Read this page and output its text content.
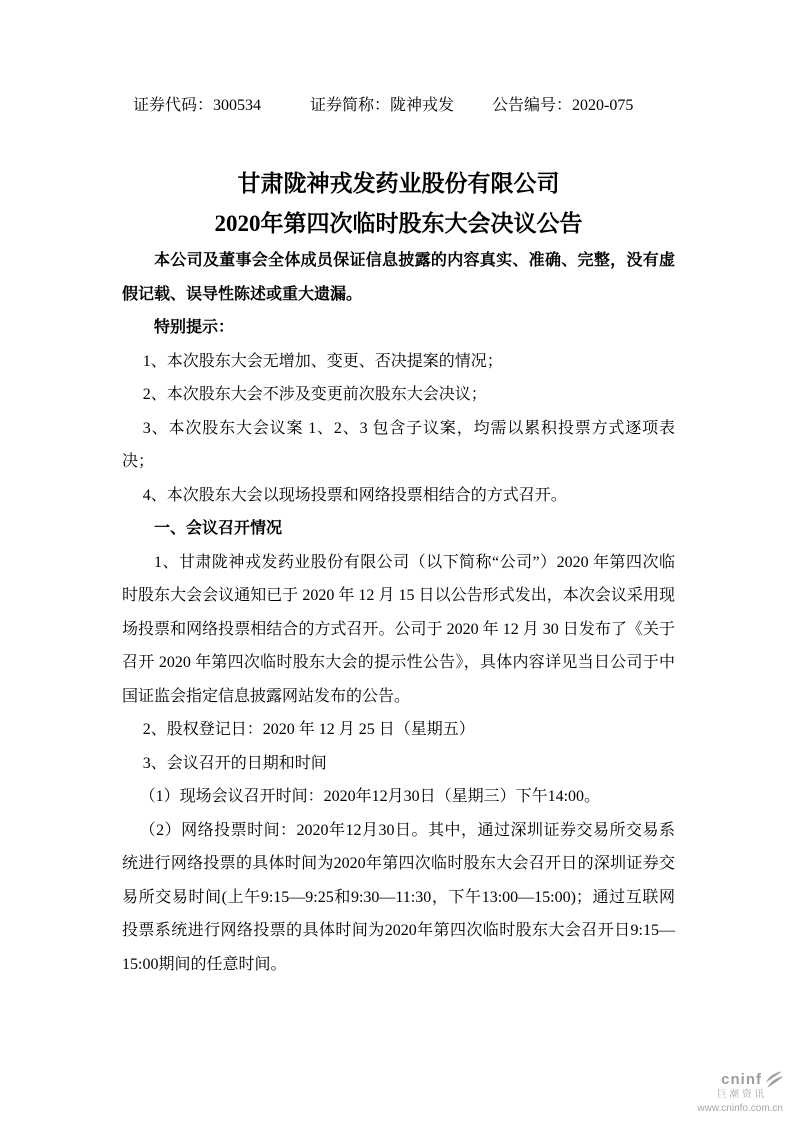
证券代码：300534	证券简称：陇神戎发 公告编号：2020-075
甘肃陇神戎发药业股份有限公司
2020年第四次临时股东大会决议公告

本公司及董事会全体成员保证信息披露的内容真实、准确、完整，没有虚假记载、误导性陈述或重大遗漏。

特别提示：

1、本次股东大会无增加、变更、否决提案的情况；

2、本次股东大会不涉及变更前次股东大会决议；

3、本次股东大会议案 1、2、3 包含子议案，均需以累积投票方式逐项表决；

4、本次股东大会以现场投票和网络投票相结合的方式召开。

一、会议召开情况

1、甘肃陇神戎发药业股份有限公司（以下简称“公司”）2020 年第四次临时股东大会会议通知已于 2020 年 12 月 15 日以公告形式发出，本次会议采用现场投票和网络投票相结合的方式召开。公司于 2020 年 12 月 30 日发布了《关于召开 2020 年第四次临时股东大会的提示性公告》，具体内容详见当日公司于中国证监会指定信息披露网站发布的公告。

2、股权登记日：2020 年 12 月 25 日（星期五）

3、会议召开的日期和时间

（1）现场会议召开时间：2020年12月30日（星期三）下午14:00。

（2）网络投票时间：2020年12月30日。其中，通过深圳证券交易所交易系统进行网络投票的具体时间为2020年第四次临时股东大会召开日的深圳证券交易所交易时间(上午9:15—9:25和9:30—11:30，下午13:00—15:00)；通过互联网投票系统进行网络投票的具体时间为2020年第四次临时股东大会召开日9:15—15:00期间的任意时间。

cninf
巨潮资讯
www.cninfo.com.cn
